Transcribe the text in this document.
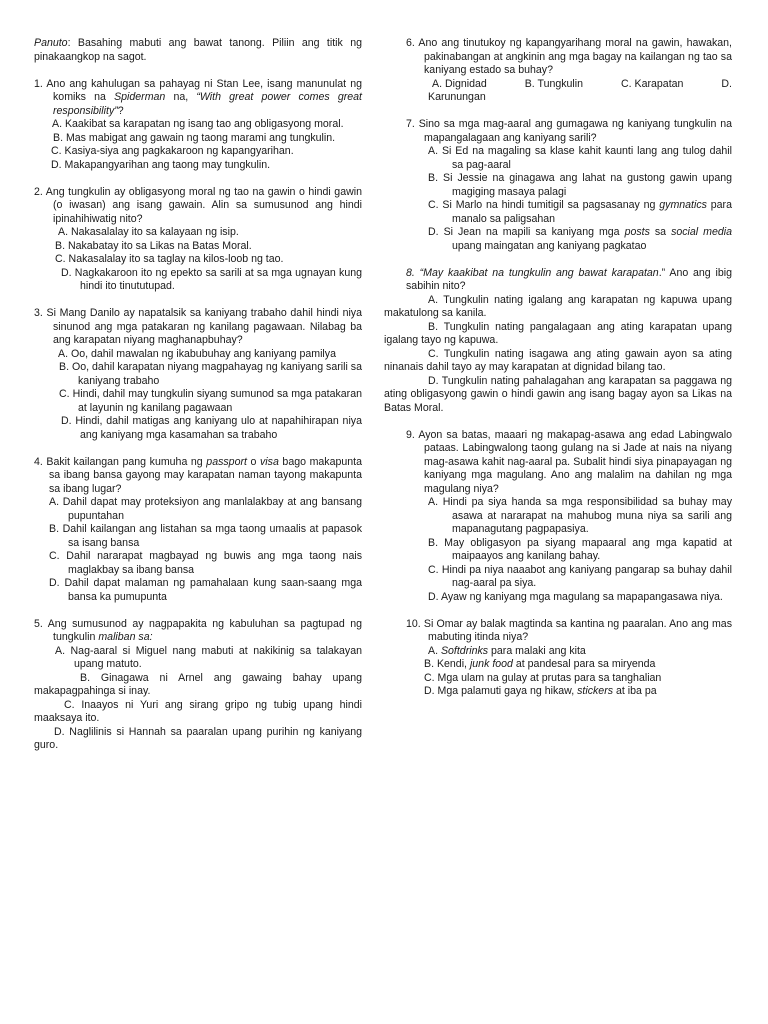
Panuto: Basahing mabuti ang bawat tanong. Piliin ang titik ng pinakaangkop na sagot.

1. Ano ang kahulugan sa pahayag ni Stan Lee, isang manunulat ng komiks na Spiderman na, “With great power comes great responsibility”?

A. Kaakibat sa karapatan ng isang tao ang obligasyong moral.

B. Mas mabigat ang gawain ng taong marami ang tungkulin.

C. Kasiya-siya ang pagkakaroon ng kapangyarihan.

D. Makapangyarihan ang taong may tungkulin.

2. Ang tungkulin ay obligasyong moral ng tao na gawin o hindi gawin (o iwasan) ang isang gawain. Alin sa sumusunod ang hindi ipinahihiwatig nito?

A. Nakasalalay ito sa kalayaan ng isip.

B. Nakabatay ito sa Likas na Batas Moral.

C. Nakasalalay ito sa taglay na kilos-loob ng tao.

D. Nagkakaroon ito ng epekto sa sarili at sa mga ugnayan kung hindi ito tinututupad.

3. Si Mang Danilo ay napatalsik sa kaniyang trabaho dahil hindi niya sinunod ang mga patakaran ng kanilang pagawaan. Nilabag ba ang karapatan niyang maghanapbuhay?

A. Oo, dahil mawalan ng ikabubuhay ang kaniyang pamilya

B. Oo, dahil karapatan niyang magpahayag ng kaniyang sarili sa kaniyang trabaho

C. Hindi, dahil may tungkulin siyang sumunod sa mga patakaran at layunin ng kanilang pagawaan

D. Hindi, dahil matigas ang kaniyang ulo at napahihirapan niya ang kaniyang mga kasamahan sa trabaho

4. Bakit kailangan pang kumuha ng passport o visa bago makapunta sa ibang bansa gayong may karapatan naman tayong makapunta sa ibang lugar?

A. Dahil dapat may proteksiyon ang manlalakbay at ang bansang pupuntahan

B. Dahil kailangan ang listahan sa mga taong umaalis at papasok sa isang bansa

C. Dahil nararapat magbayad ng buwis ang mga taong nais maglakbay sa ibang bansa

D. Dahil dapat malaman ng pamahalaan kung saan-saang mga bansa ka pumupunta

5. Ang sumusunod ay nagpapakita ng kabuluhan sa pagtupad ng tungkulin maliban sa:

A. Nag-aaral si Miguel nang mabuti at nakikinig sa talakayan upang matuto.

B. Ginagawa ni Arnel ang gawaing bahay upang makapagpahinga si inay.

C. Inaayos ni Yuri ang sirang gripo ng tubig upang hindi maaksaya ito.

D. Naglilinis si Hannah sa paaralan upang purihin ng kaniyang guro.

6. Ano ang tinutukoy ng kapangyarihang moral na gawin, hawakan, pakinabangan at angkinin ang mga bagay na kailangan ng tao sa kaniyang estado sa buhay?

A. Dignidad	B. Tungkulin	C. Karapatan	D.

Karunungan

7. Sino sa mga mag-aaral ang gumagawa ng kaniyang tungkulin na mapangalagaan ang kaniyang sarili?

A. Si Ed na magaling sa klase kahit kaunti lang ang tulog dahil sa pag-aaral

B. Si Jessie na ginagawa ang lahat na gustong gawin upang magiging masaya palagi

C. Si Marlo na hindi tumitigil sa pagsasanay ng gymnatics para manalo sa paligsahan

D. Si Jean na mapili sa kaniyang mga posts sa social media upang maingatan ang kaniyang pagkatao

8. “May kaakibat na tungkulin ang bawat karapatan.” Ano ang ibig sabihin nito?

A. Tungkulin nating igalang ang karapatan ng kapuwa upang makatulong sa kanila.

B. Tungkulin nating pangalagaan ang ating karapatan upang igalang tayo ng kapuwa.

C. Tungkulin nating isagawa ang ating gawain ayon sa ating ninanais dahil tayo ay may karapatan at dignidad bilang tao.

D. Tungkulin nating pahalagahan ang karapatan sa paggawa ng ating obligasyong gawin o hindi gawin ang isang bagay ayon sa Likas na Batas Moral.

9. Ayon sa batas, maaari ng makapag-asawa ang edad Labingwalo pataas. Labingwalong taong gulang na si Jade at nais na niyang mag-asawa kahit nag-aaral pa. Subalit hindi siya pinapayagan ng kaniyang mga magulang. Ano ang malalim na dahilan ng mga magulang niya?

A. Hindi pa siya handa sa mga responsibilidad sa buhay may asawa at nararapat na mahubog muna niya sa sarili ang mapanagutang pagpapasiya.

B. May obligasyon pa siyang mapaaral ang mga kapatid at maipaayos ang kanilang bahay.

C. Hindi pa niya naaabot ang kaniyang pangarap sa buhay dahil nag-aaral pa siya.

D. Ayaw ng kaniyang mga magulang sa mapapangasawa niya.

10. Si Omar ay balak magtinda sa kantina ng paaralan. Ano ang mas mabuting itinda niya?

A. Softdrinks para malaki ang kita

B. Kendi, junk food at pandesal para sa miryenda

C. Mga ulam na gulay at prutas para sa tanghalian

D. Mga palamuti gaya ng hikaw, stickers at iba pa
